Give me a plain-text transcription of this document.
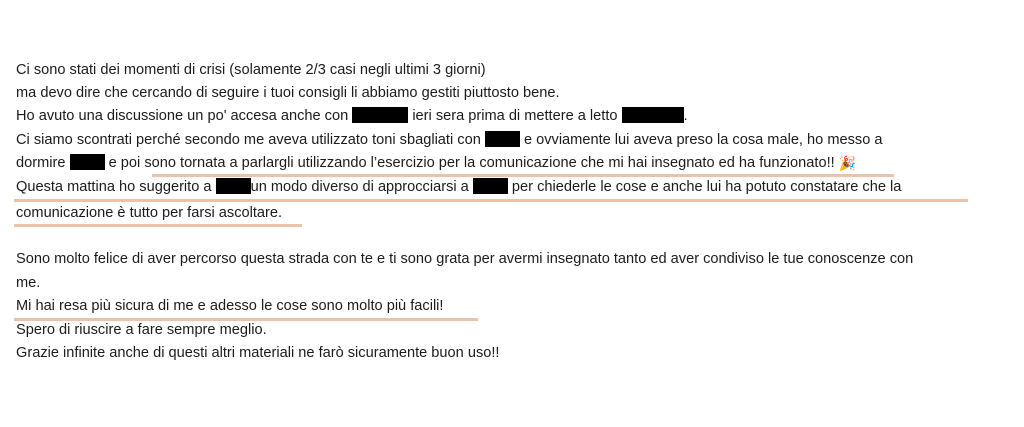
Ci sono stati dei momenti di crisi (solamente 2/3 casi negli ultimi 3 giorni)
ma devo dire che cercando di seguire i tuoi consigli li abbiamo gestiti piuttosto bene.
Ho avuto una discussione un po' accesa anche con	ieri sera prima di mettere a letto	.
Ci siamo scontrati perché secondo me aveva utilizzato toni sbagliati con	e ovviamente lui aveva preso la cosa male, ho messo a
dormire	e poi sono tornata a parlargli utilizzando l’esercizio per la comunicazione che mi hai insegnato ed ha funzionato!! 🎉
Questa mattina ho suggerito a	un modo diverso di approcciarsi a	per chiederle le cose e anche lui ha potuto constatare che la
comunicazione è tutto per farsi ascoltare.
Sono molto felice di aver percorso questa strada con te e ti sono grata per avermi insegnato tanto ed aver condiviso le tue conoscenze con
me.
Mi hai resa più sicura di me e adesso le cose sono molto più facili!
Spero di riuscire a fare sempre meglio.
Grazie infinite anche di questi altri materiali ne farò sicuramente buon uso!!
